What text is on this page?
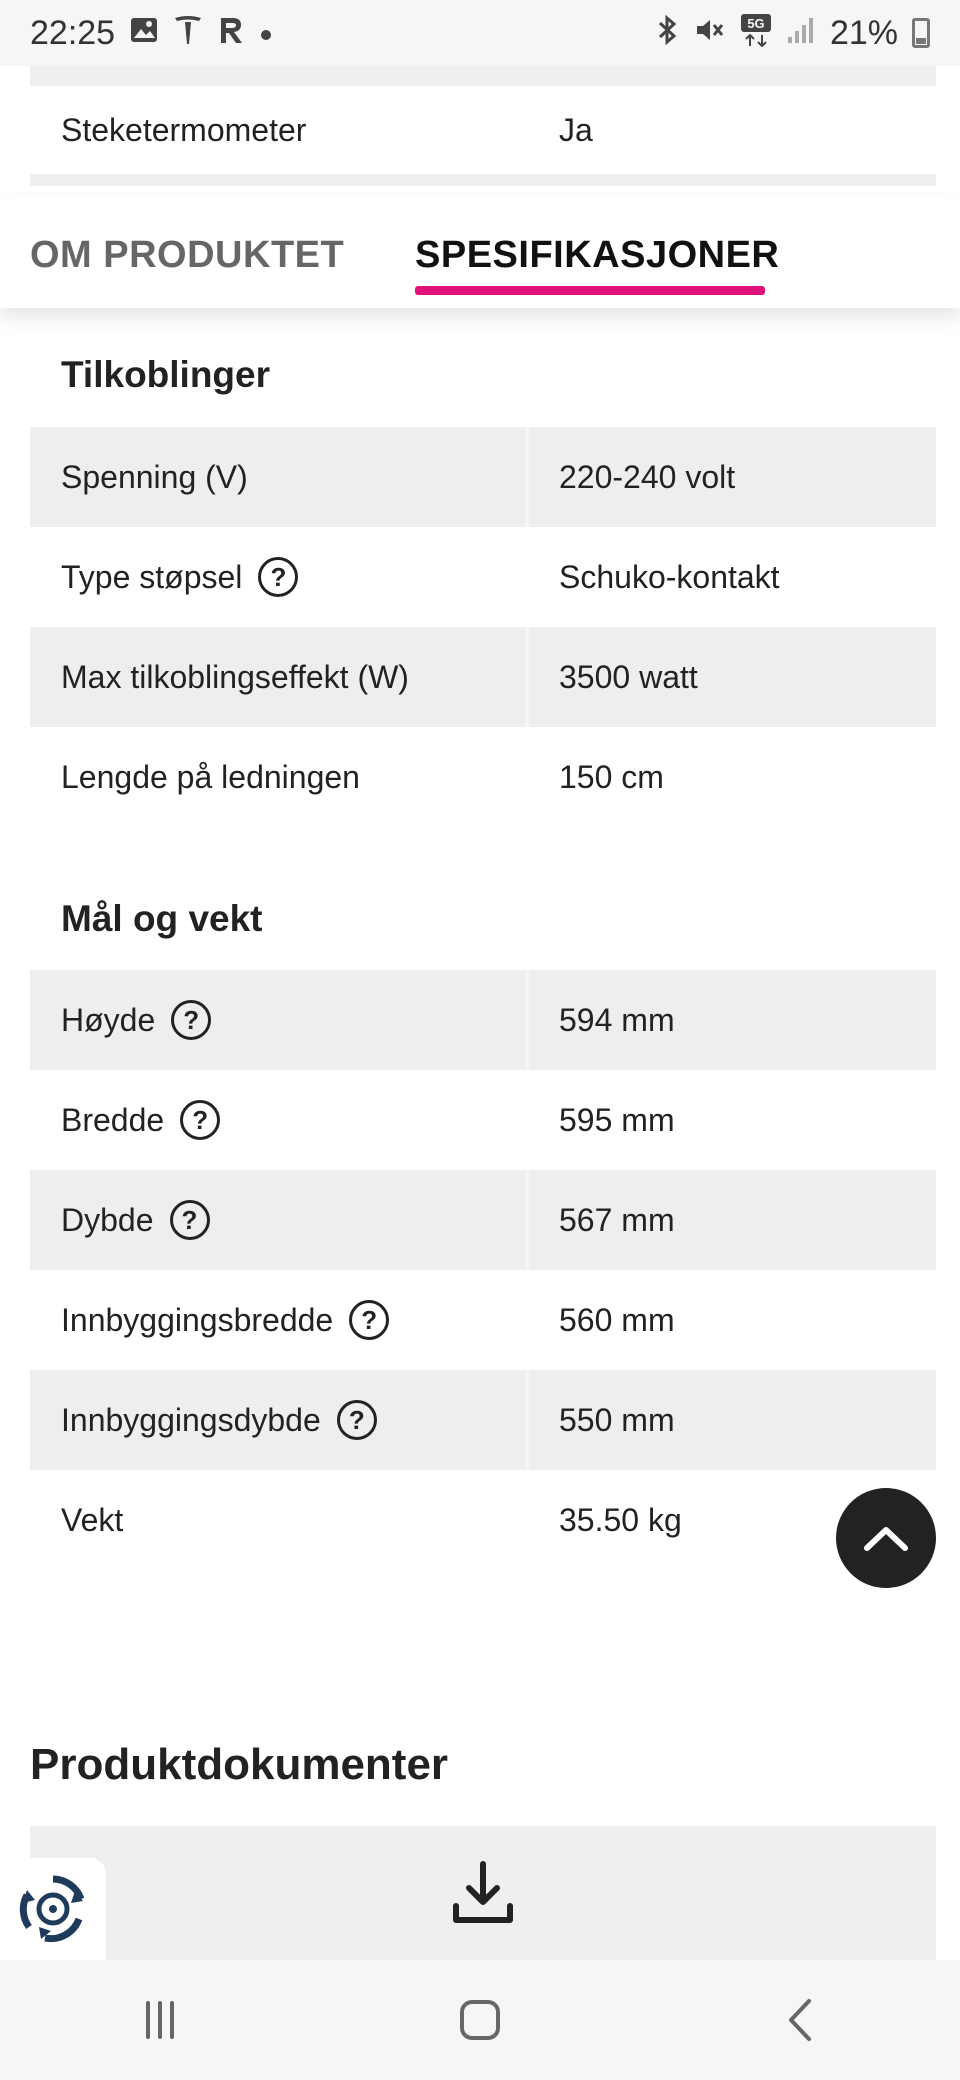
22:25	5G 21%
Steketermometer	Ja
OM PRODUKTET SPESIFIKASJONER
Tilkoblinger
Spenning (V)	220-240 volt
Type støpsel	?	Schuko-kontakt
Max tilkoblingseffekt (W)	3500 watt
Lengde på ledningen	150 cm
Mål og vekt
Høyde	?	594 mm
Bredde	?	595 mm
Dybde	?	567 mm
Innbyggingsbredde	?	560 mm
Innbyggingsdybde	?	550 mm
Vekt	35.50 kg
Produktdokumenter
